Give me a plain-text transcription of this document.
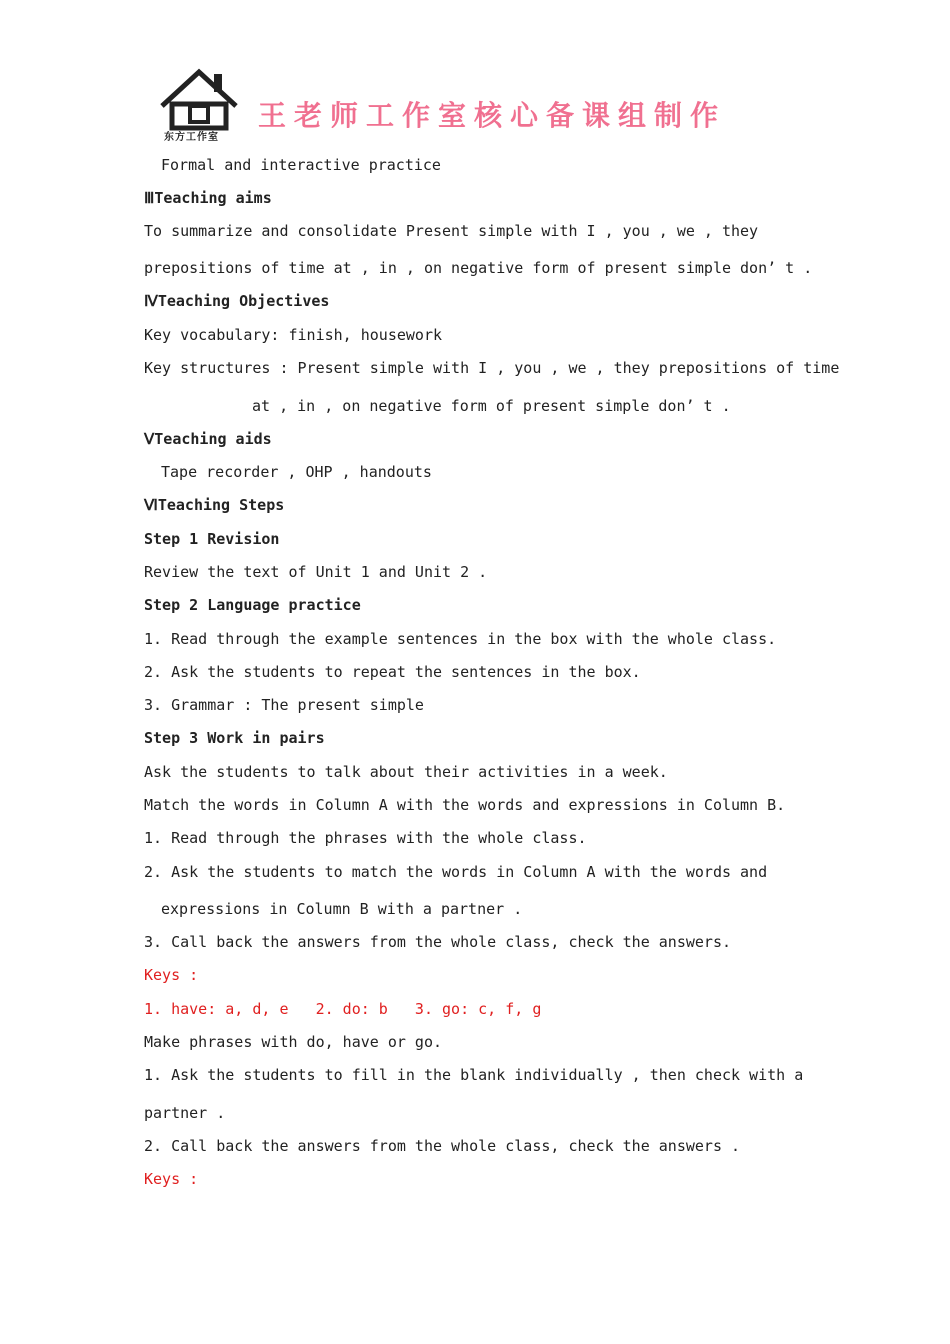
东方工作室
王老师工作室核心备课组制作
Formal and interactive practice
ⅢTeaching aims
To summarize and consolidate Present simple with I , you , we , they
prepositions of time at , in , on negative form of present simple don’ t .
ⅣTeaching Objectives
Key vocabulary: finish, housework
Key structures : Present simple with I , you , we , they prepositions of time
at , in , on negative form of present simple don’ t .
ⅤTeaching aids
Tape recorder , OHP , handouts
ⅥTeaching Steps
Step 1 Revision
Review the text of Unit 1 and Unit 2 .
Step 2 Language practice
1. Read through the example sentences in the box with the whole class.
2. Ask the students to repeat the sentences in the box.
3. Grammar : The present simple
Step 3 Work in pairs
Ask the students to talk about their activities in a week.
Match the words in Column A with the words and expressions in Column B.
1. Read through the phrases with the whole class.
2. Ask the students to match the words in Column A with the words and
expressions in Column B with a partner .
3. Call back the answers from the whole class, check the answers.
Keys :
1. have: a, d, e   2. do: b   3. go: c, f, g
Make phrases with do, have or go.
1. Ask the students to fill in the blank individually , then check with a
partner .
2. Call back the answers from the whole class, check the answers .
Keys :
